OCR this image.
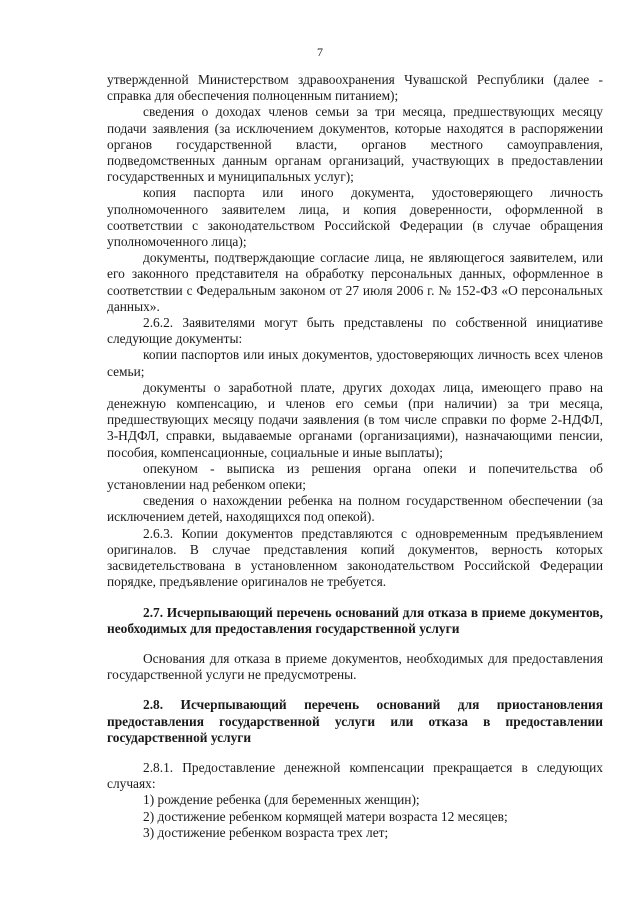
7

утвержденной Министерством здравоохранения Чувашской Республики (далее - справка для обеспечения полноценным питанием);

сведения о доходах членов семьи за три месяца, предшествующих месяцу подачи заявления (за исключением документов, которые находятся в распоряжении органов государственной власти, органов местного самоуправления, подведомственных данным органам организаций, участвующих в предоставлении государственных и муниципальных услуг);

копия паспорта или иного документа, удостоверяющего личность уполномоченного заявителем лица, и копия доверенности, оформленной в соответствии с законодательством Российской Федерации (в случае обращения уполномоченного лица);

документы, подтверждающие согласие лица, не являющегося заявителем, или его законного представителя на обработку персональных данных, оформленное в соответствии с Федеральным законом от 27 июля 2006 г. № 152-ФЗ «О персональных данных».

2.6.2. Заявителями могут быть представлены по собственной инициативе следующие документы:

копии паспортов или иных документов, удостоверяющих личность всех членов семьи;

документы о заработной плате, других доходах лица, имеющего право на денежную компенсацию, и членов его семьи (при наличии) за три месяца, предшествующих месяцу подачи заявления (в том числе справки по форме 2-НДФЛ, 3-НДФЛ, справки, выдаваемые органами (организациями), назначающими пенсии, пособия, компенсационные, социальные и иные выплаты);

опекуном - выписка из решения органа опеки и попечительства об установлении над ребенком опеки;

сведения о нахождении ребенка на полном государственном обеспечении (за исключением детей, находящихся под опекой).

2.6.3. Копии документов представляются с одновременным предъявлением оригиналов. В случае представления копий документов, верность которых засвидетельствована в установленном законодательством Российской Федерации порядке, предъявление оригиналов не требуется.

2.7. Исчерпывающий перечень оснований для отказа в приеме документов, необходимых для предоставления государственной услуги

Основания для отказа в приеме документов, необходимых для предоставления государственной услуги не предусмотрены.

2.8. Исчерпывающий перечень оснований для приостановления предоставления государственной услуги или отказа в предоставлении государственной услуги

2.8.1. Предоставление денежной компенсации прекращается в следующих случаях:

1) рождение ребенка (для беременных женщин);

2) достижение ребенком кормящей матери возраста 12 месяцев;

3) достижение ребенком возраста трех лет;
